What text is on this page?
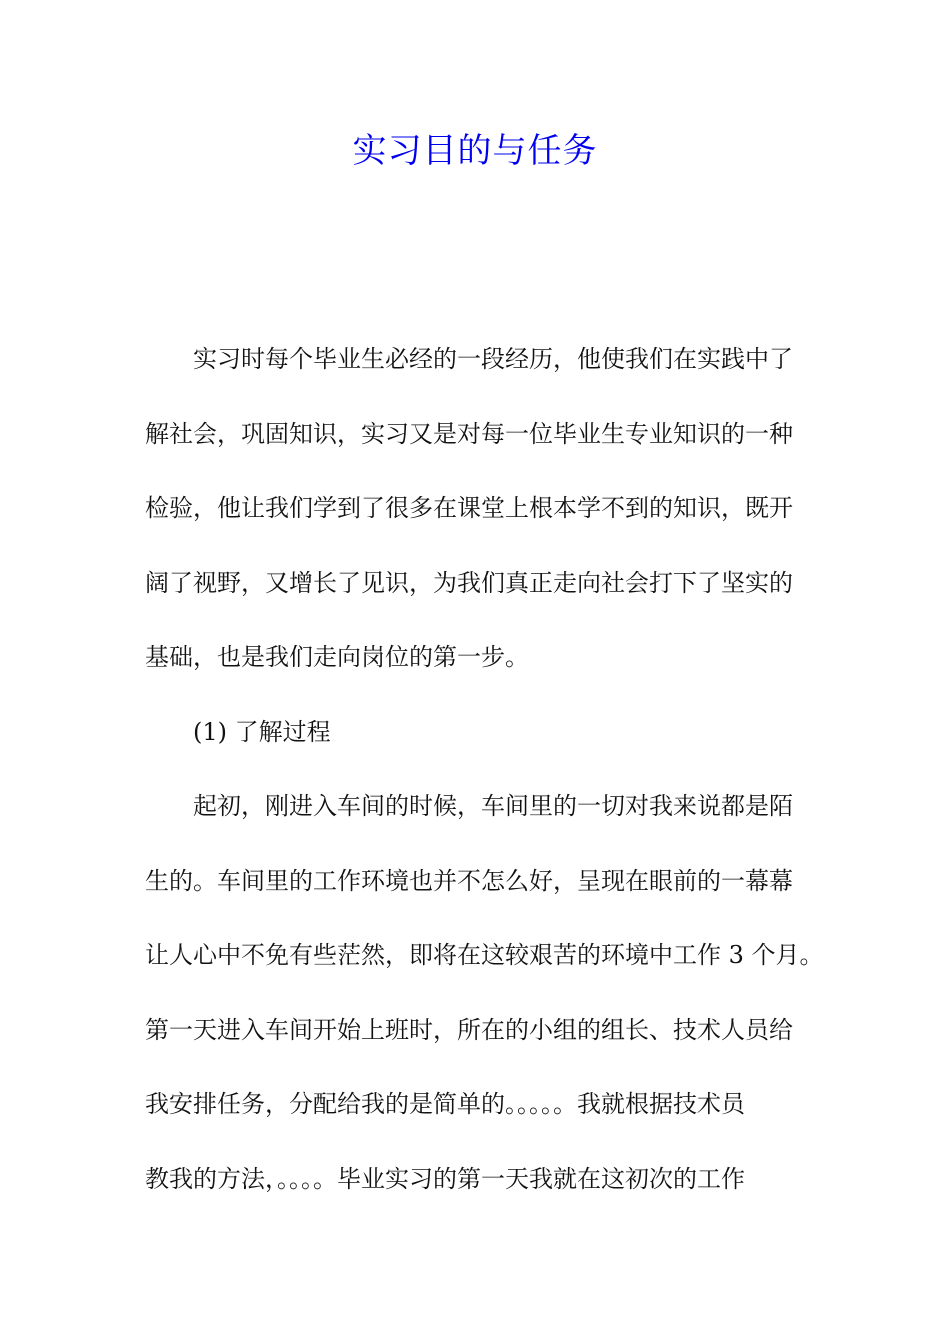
实习目的与任务
实习时每个毕业生必经的一段经历，他使我们在实践中了
解社会，巩固知识，实习又是对每一位毕业生专业知识的一种
检验，他让我们学到了很多在课堂上根本学不到的知识，既开
阔了视野，又增长了见识，为我们真正走向社会打下了坚实的
基础，也是我们走向岗位的第一步。
(1) 了解过程
起初，刚进入车间的时候，车间里的一切对我来说都是陌
生的。车间里的工作环境也并不怎么好，呈现在眼前的一幕幕
让人心中不免有些茫然，即将在这较艰苦的环境中工作 3 个月。
第一天进入车间开始上班时，所在的小组的组长、技术人员给
我安排任务，分配给我的是简单的。。。。。我就根据技术员
教我的方法，。。。。毕业实习的第一天我就在这初次的工作
